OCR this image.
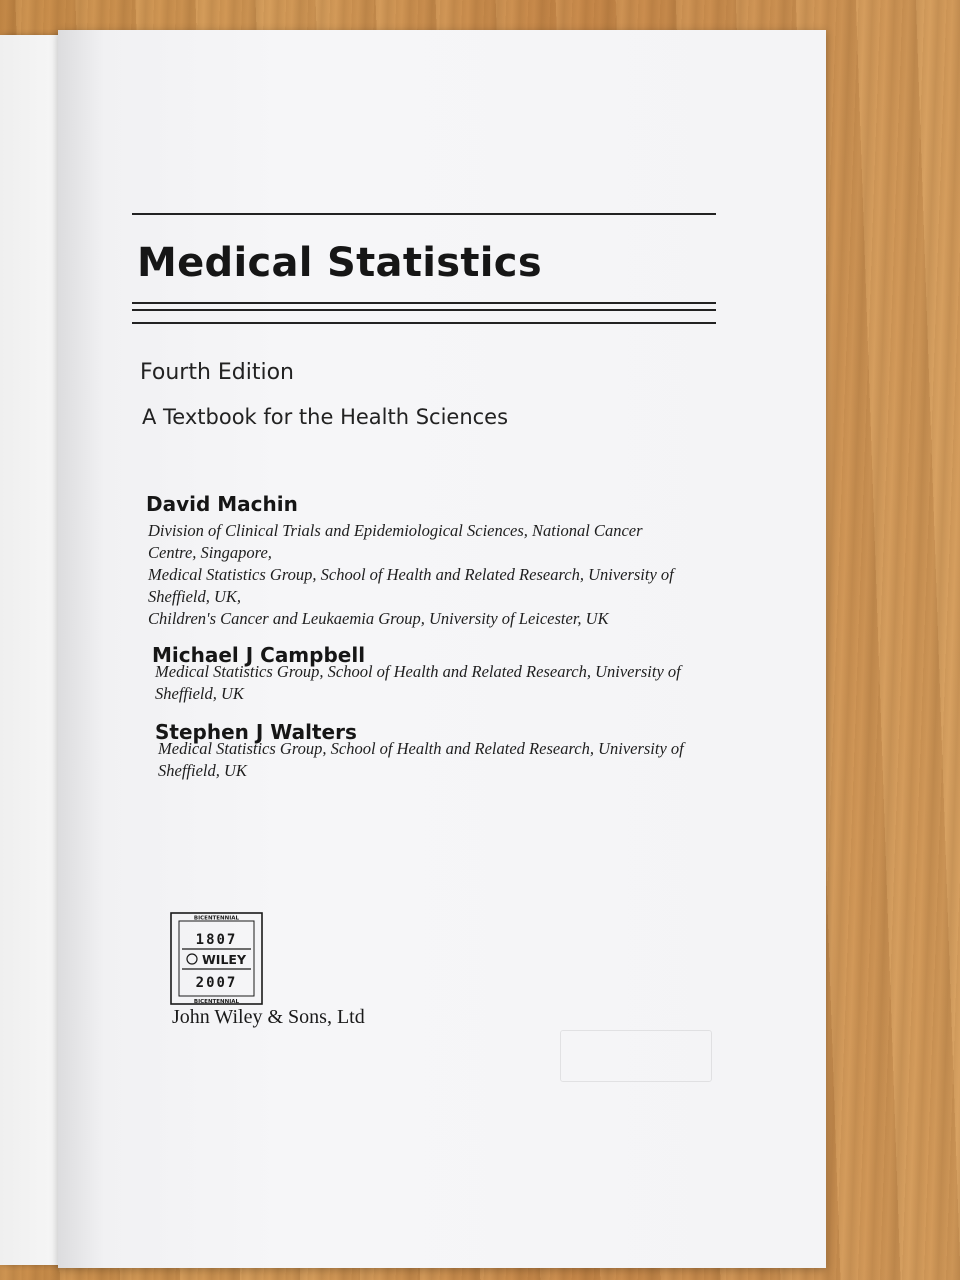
Medical Statistics
Fourth Edition
A Textbook for the Health Sciences
David Machin
Division of Clinical Trials and Epidemiological Sciences, National Cancer
Centre, Singapore,
Medical Statistics Group, School of Health and Related Research, University of
Sheffield, UK,
Children's Cancer and Leukaemia Group, University of Leicester, UK
Michael J Campbell
Medical Statistics Group, School of Health and Related Research, University of
Sheffield, UK
Stephen J Walters
Medical Statistics Group, School of Health and Related Research, University of
Sheffield, UK
BICENTENNIAL
BICENTENNIAL
1807
WILEY
2007
John Wiley & Sons, Ltd
